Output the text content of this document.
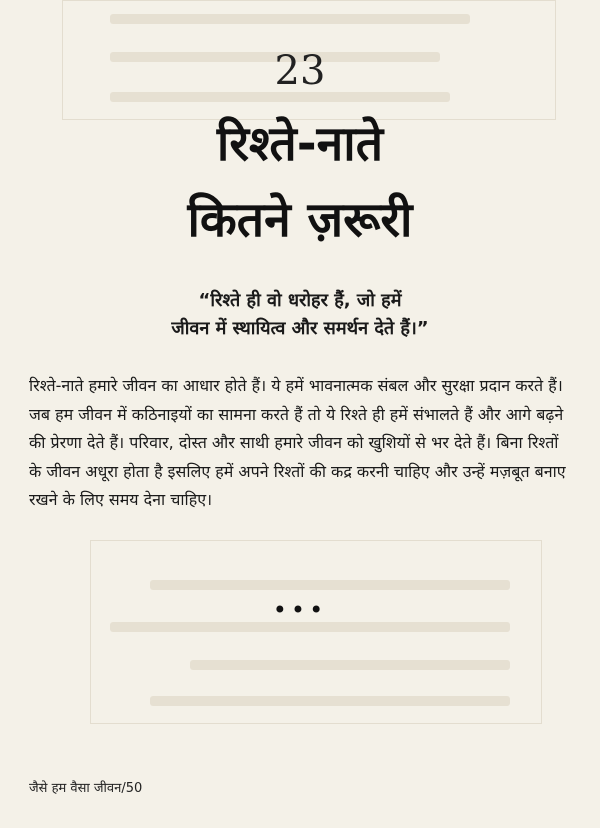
23
रिश्ते-नाते
कितने ज़रूरी
“रिश्ते ही वो धरोहर हैं, जो हमें
जीवन में स्थायित्व और समर्थन देते हैं।”

रिश्ते-नाते हमारे जीवन का आधार होते हैं। ये हमें भावनात्मक संबल और सुरक्षा प्रदान करते हैं। जब हम जीवन में कठिनाइयों का सामना करते हैं तो ये रिश्ते ही हमें संभालते हैं और आगे बढ़ने की प्रेरणा देते हैं। परिवार, दोस्त और साथी हमारे जीवन को खुशियों से भर देते हैं। बिना रिश्तों के जीवन अधूरा होता है इसलिए हमें अपने रिश्तों की कद्र करनी चाहिए और उन्हें मज़बूत बनाए रखने के लिए समय देना चाहिए।

•••
जैसे हम वैसा जीवन/50
